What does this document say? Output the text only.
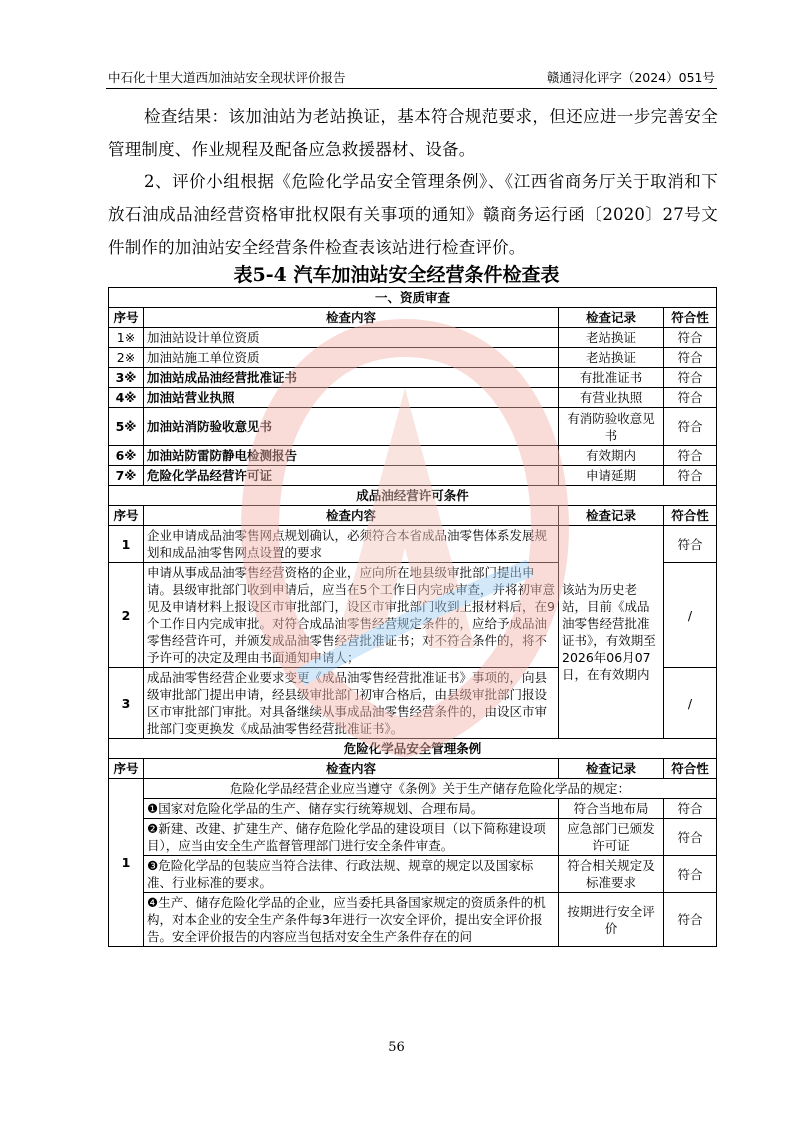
中石化十里大道西加油站安全现状评价报告	赣通浔化评字（2024）051号
检查结果：该加油站为老站换证，基本符合规范要求，但还应进一步完善安全管理制度、作业规程及配备应急救援器材、设备。
2、评价小组根据《危险化学品安全管理条例》、《江西省商务厅关于取消和下放石油成品油经营资格审批权限有关事项的通知》赣商务运行函〔2020〕27号文件制作的加油站安全经营条件检查表该站进行检查评价。
表5-4 汽车加油站安全经营条件检查表
一、资质审查			
序号	检查内容	检查记录	符合性
1※	加油站设计单位资质	老站换证	符合
2※	加油站施工单位资质	老站换证	符合
3※	加油站成品油经营批准证书	有批准证书	符合
4※	加油站营业执照	有营业执照	符合
5※	加油站消防验收意见书	有消防验收意见书	符合
6※	加油站防雷防静电检测报告	有效期内	符合
7※	危险化学品经营许可证	申请延期	符合
成品油经营许可条件			
序号	检查内容	检查记录	符合性
1	企业申请成品油零售网点规划确认，必须符合本省成品油零售体系发展规划和成品油零售网点设置的要求	该站为历史老站，目前《成品油零售经营批准证书》，有效期至2026年06月07日，在有效期内	符合
2	申请从事成品油零售经营资格的企业，应向所在地县级审批部门提出申请。县级审批部门收到申请后，应当在5个工作日内完成审查，并将初审意见及申请材料上报设区市审批部门，设区市审批部门收到上报材料后，在9个工作日内完成审批。对符合成品油零售经营规定条件的，应给予成品油零售经营许可，并颁发成品油零售经营批准证书；对不符合条件的，将不予许可的决定及理由书面通知申请人；		/
3	成品油零售经营企业要求变更《成品油零售经营批准证书》事项的，向县级审批部门提出申请，经县级审批部门初审合格后，由县级审批部门报设区市审批部门审批。对具备继续从事成品油零售经营条件的，由设区市审批部门变更换发《成品油零售经营批准证书》。		/
危险化学品安全管理条例			
序号	检查内容	检查记录	符合性
1	危险化学品经营企业应当遵守《条例》关于生产储存危险化学品的规定：		
	❶国家对危险化学品的生产、储存实行统筹规划、合理布局。	符合当地布局	符合
	❷新建、改建、扩建生产、储存危险化学品的建设项目（以下简称建设项目），应当由安全生产监督管理部门进行安全条件审查。	应急部门已颁发许可证	符合
	❸危险化学品的包装应当符合法律、行政法规、规章的规定以及国家标准、行业标准的要求。	符合相关规定及标准要求	符合
	❹生产、储存危险化学品的企业，应当委托具备国家规定的资质条件的机构，对本企业的安全生产条件每3年进行一次安全评价，提出安全评价报告。安全评价报告的内容应当包括对安全生产条件存在的问	按期进行安全评价	符合
56
